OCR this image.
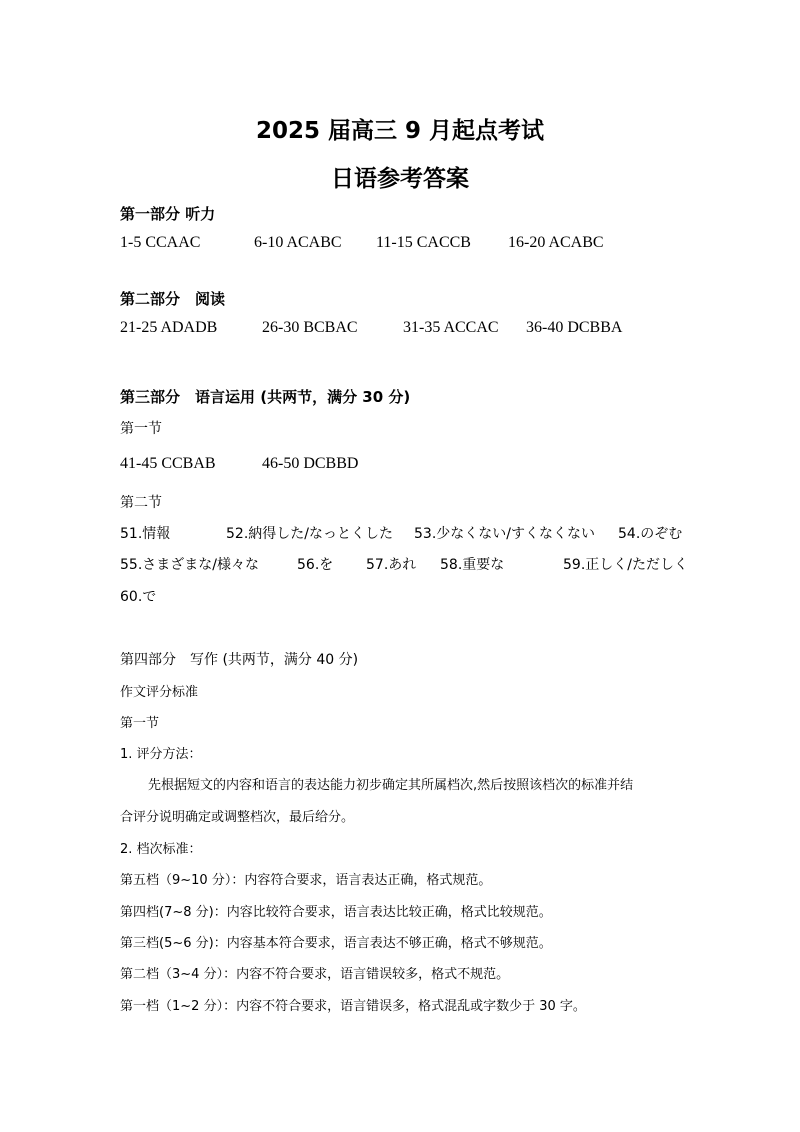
2025 届高三 9 月起点考试
日语参考答案
第一部分 听力
1-5 CCAAC	6-10 ACABC 11-15 CACCB 16-20 ACABC
第二部分　阅读
21-25 ADADB	26-30 BCBAC	31-35 ACCAC 36-40 DCBBA
第三部分　语言运用 (共两节，满分 30 分)
第一节
41-45 CCBAB	46-50 DCBBD
第二节
51.情報	52.納得した/なっとくした 53.少なくない/すくなくない 54.のぞむ
55.さまざまな/様々な	56.を 57.あれ 58.重要な	59.正しく/ただしく
60.で
第四部分　写作 (共两节，满分 40 分)
作文评分标准
第一节
1. 评分方法：
先根据短文的内容和语言的表达能力初步确定其所属档次,然后按照该档次的标准并结
合评分说明确定或调整档次，最后给分。
2. 档次标准：
第五档（9~10 分）：内容符合要求，语言表达正确，格式规范。
第四档(7~8 分)：内容比较符合要求，语言表达比较正确，格式比较规范。
第三档(5~6 分)：内容基本符合要求，语言表达不够正确，格式不够规范。
第二档（3~4 分）：内容不符合要求，语言错误较多，格式不规范。
第一档（1~2 分）：内容不符合要求，语言错误多，格式混乱或字数少于 30 字。
